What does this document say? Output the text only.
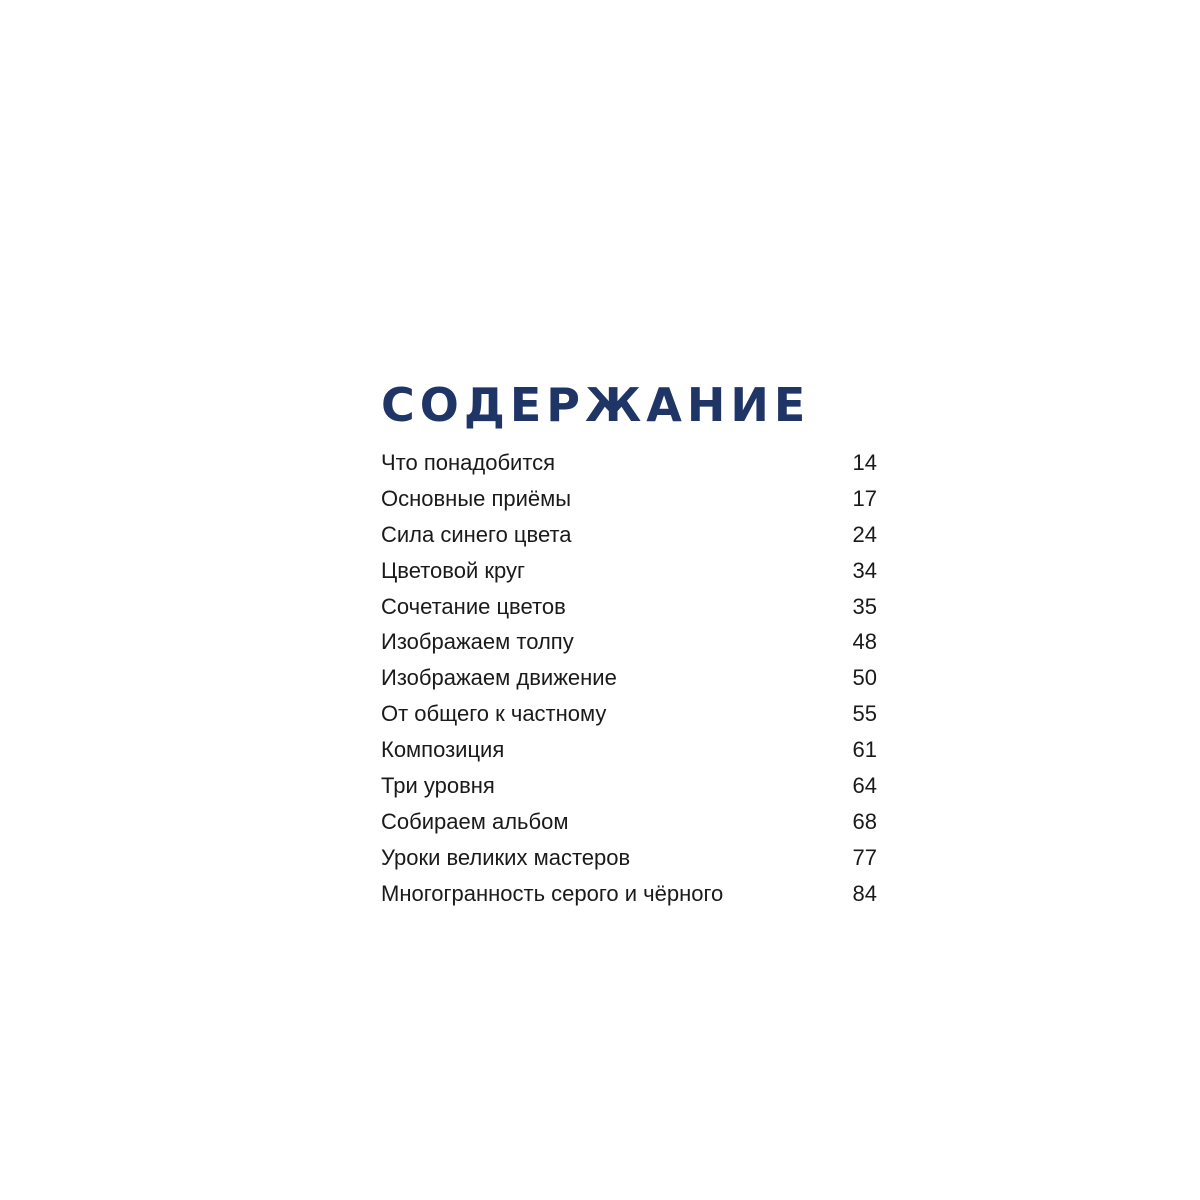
СОДЕРЖАНИЕ
Что понадобится	14
Основные приёмы	17
Сила синего цвета	24
Цветовой круг	34
Сочетание цветов	35
Изображаем толпу	48
Изображаем движение	50
От общего к частному	55
Композиция	61
Три уровня	64
Собираем альбом	68
Уроки великих мастеров	77
Многогранность серого и чёрного	84
